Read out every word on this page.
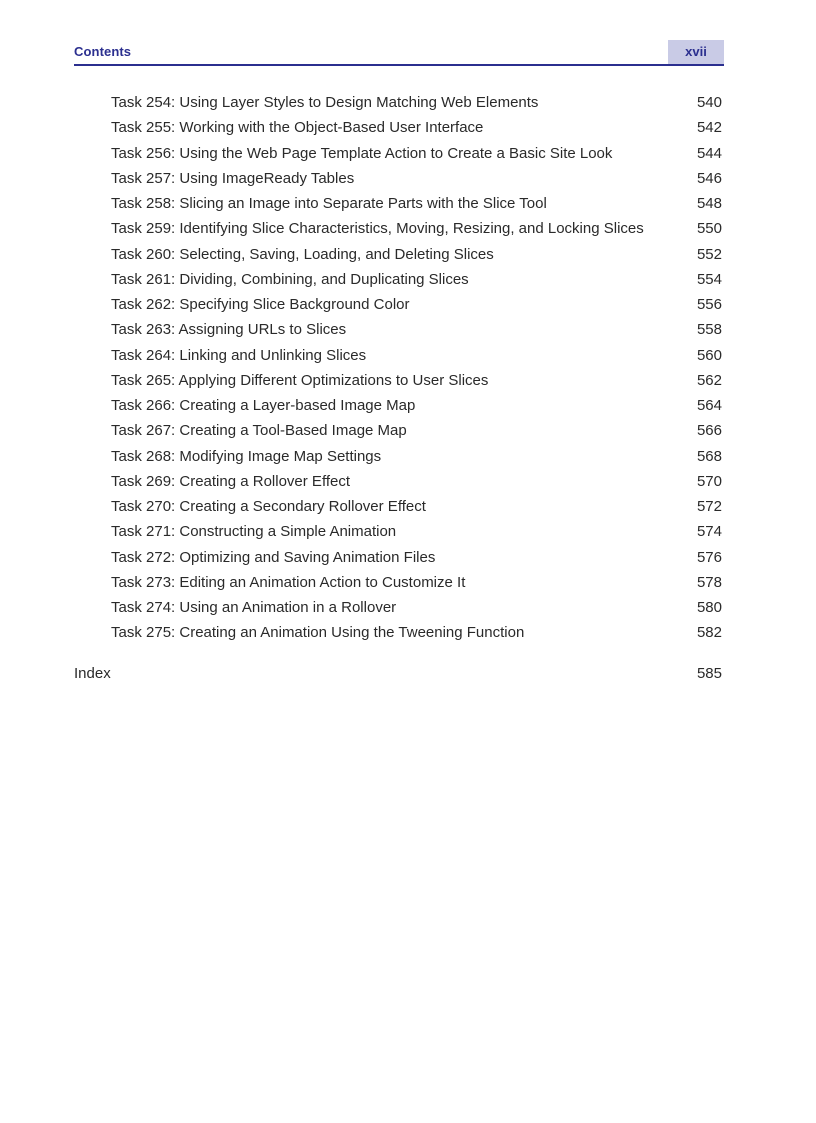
Contents	xvii
Task 254: Using Layer Styles to Design Matching Web Elements	540
Task 255: Working with the Object-Based User Interface	542
Task 256: Using the Web Page Template Action to Create a Basic Site Look	544
Task 257: Using ImageReady Tables	546
Task 258: Slicing an Image into Separate Parts with the Slice Tool	548
Task 259: Identifying Slice Characteristics, Moving, Resizing, and Locking Slices	550
Task 260: Selecting, Saving, Loading, and Deleting Slices	552
Task 261: Dividing, Combining, and Duplicating Slices	554
Task 262: Specifying Slice Background Color	556
Task 263: Assigning URLs to Slices	558
Task 264: Linking and Unlinking Slices	560
Task 265: Applying Different Optimizations to User Slices	562
Task 266: Creating a Layer-based Image Map	564
Task 267: Creating a Tool-Based Image Map	566
Task 268: Modifying Image Map Settings	568
Task 269: Creating a Rollover Effect	570
Task 270: Creating a Secondary Rollover Effect	572
Task 271: Constructing a Simple Animation	574
Task 272: Optimizing and Saving Animation Files	576
Task 273: Editing an Animation Action to Customize It	578
Task 274: Using an Animation in a Rollover	580
Task 275: Creating an Animation Using the Tweening Function	582
Index	585
